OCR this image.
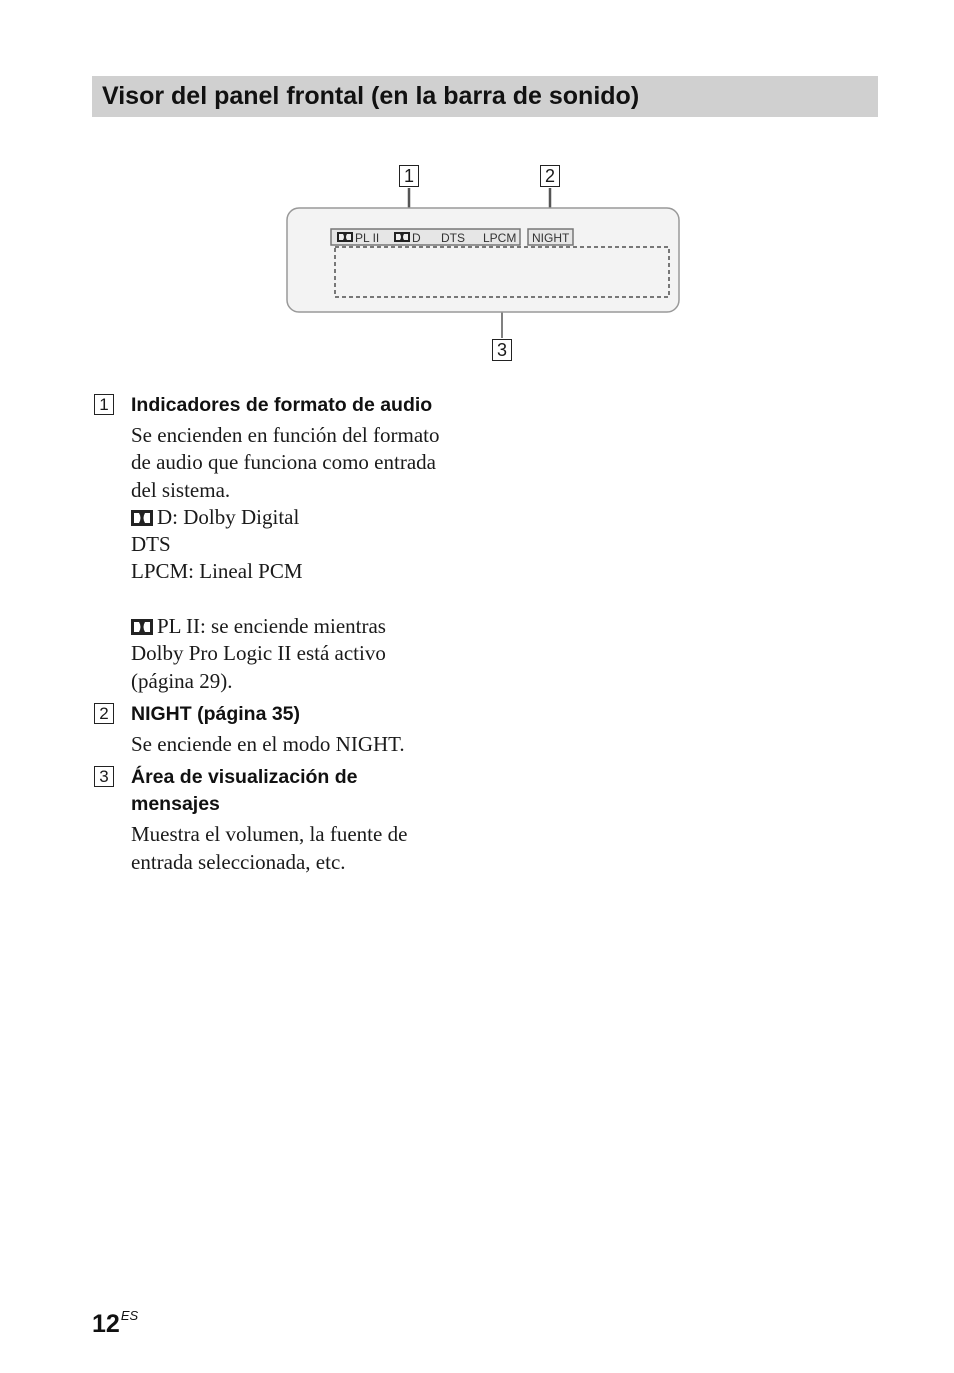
Visor del panel frontal (en la barra de sonido)
PL II	D DTS LPCM NIGHT
1	2
3
1 Indicadores de formato de audio
Se encienden en función del formato
de audio que funciona como entrada
del sistema.
D: Dolby Digital
DTS
LPCM: Lineal PCM
PL II: se enciende mientras
Dolby Pro Logic II está activo
(página 29).
2 NIGHT (página 35)
Se enciende en el modo NIGHT.
3 Área de visualización de
mensajes
Muestra el volumen, la fuente de
entrada seleccionada, etc.
$12^{ES}$
